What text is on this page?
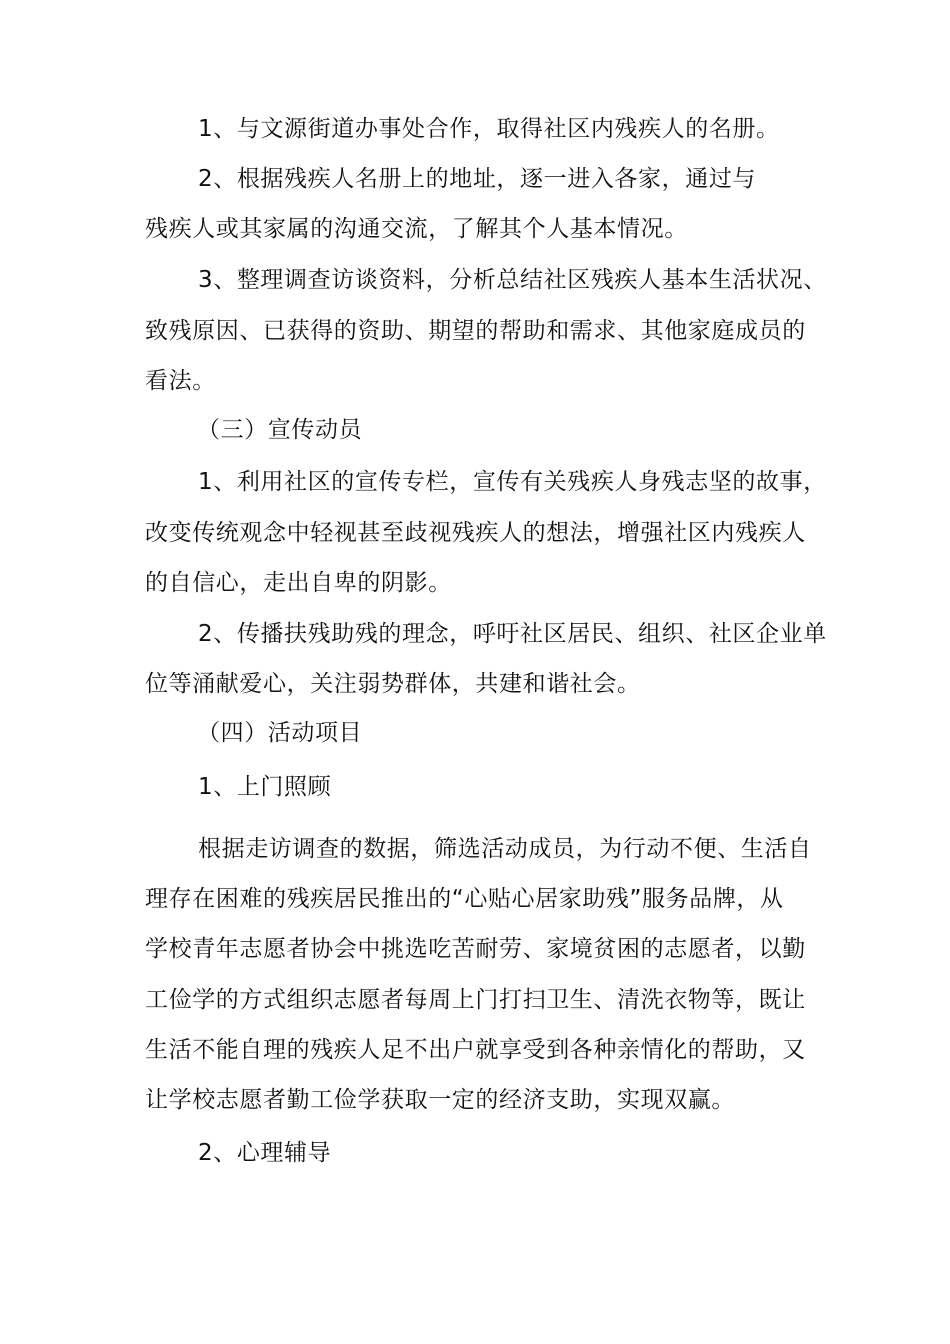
1、与文源街道办事处合作，取得社区内残疾人的名册。
2、根据残疾人名册上的地址，逐一进入各家，通过与
残疾人或其家属的沟通交流，了解其个人基本情况。
3、整理调查访谈资料，分析总结社区残疾人基本生活状况、
致残原因、已获得的资助、期望的帮助和需求、其他家庭成员的
看法。
（三）宣传动员
1、利用社区的宣传专栏，宣传有关残疾人身残志坚的故事，
改变传统观念中轻视甚至歧视残疾人的想法，增强社区内残疾人
的自信心，走出自卑的阴影。
2、传播扶残助残的理念，呼吁社区居民、组织、社区企业单
位等涌献爱心，关注弱势群体，共建和谐社会。
（四）活动项目
1、上门照顾
根据走访调查的数据，筛选活动成员，为行动不便、生活自
理存在困难的残疾居民推出的“心贴心居家助残”服务品牌，从
学校青年志愿者协会中挑选吃苦耐劳、家境贫困的志愿者，以勤
工俭学的方式组织志愿者每周上门打扫卫生、清洗衣物等，既让
生活不能自理的残疾人足不出户就享受到各种亲情化的帮助，又
让学校志愿者勤工俭学获取一定的经济支助，实现双赢。
2、心理辅导
